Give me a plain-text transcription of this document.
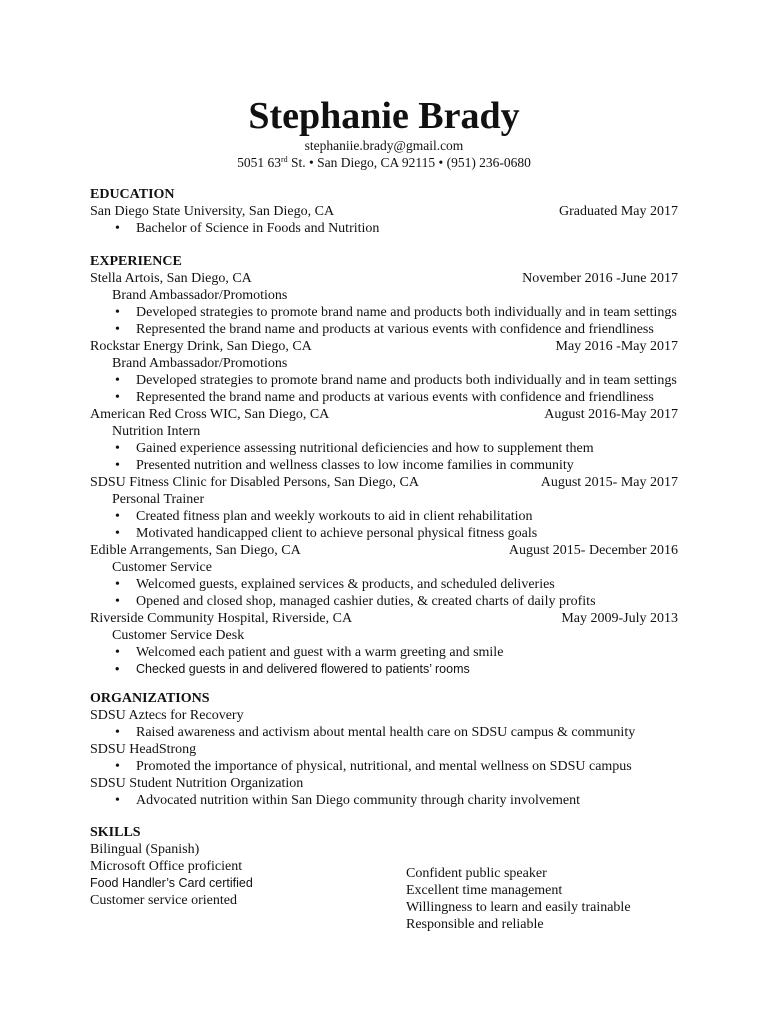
Stephanie Brady
stephaniie.brady@gmail.com
5051 63rd St. • San Diego, CA 92115 • (951) 236-0680
EDUCATION
San Diego State University, San Diego, CA	Graduated May 2017
• Bachelor of Science in Foods and Nutrition
EXPERIENCE
Stella Artois, San Diego, CA	November 2016 -June 2017
Brand Ambassador/Promotions
• Developed strategies to promote brand name and products both individually and in team settings
• Represented the brand name and products at various events with confidence and friendliness
Rockstar Energy Drink, San Diego, CA	May 2016 -May 2017
Brand Ambassador/Promotions
• Developed strategies to promote brand name and products both individually and in team settings
• Represented the brand name and products at various events with confidence and friendliness
American Red Cross WIC, San Diego, CA	August 2016-May 2017
Nutrition Intern
• Gained experience assessing nutritional deficiencies and how to supplement them
• Presented nutrition and wellness classes to low income families in community
SDSU Fitness Clinic for Disabled Persons, San Diego, CA	August 2015- May 2017
Personal Trainer
• Created fitness plan and weekly workouts to aid in client rehabilitation
• Motivated handicapped client to achieve personal physical fitness goals
Edible Arrangements, San Diego, CA	August 2015- December 2016
Customer Service
• Welcomed guests, explained services & products, and scheduled deliveries
• Opened and closed shop, managed cashier duties, & created charts of daily profits
Riverside Community Hospital, Riverside, CA	May 2009-July 2013
Customer Service Desk
• Welcomed each patient and guest with a warm greeting and smile
• Checked guests in and delivered flowered to patients’ rooms
ORGANIZATIONS
SDSU Aztecs for Recovery
• Raised awareness and activism about mental health care on SDSU campus & community
SDSU HeadStrong
• Promoted the importance of physical, nutritional, and mental wellness on SDSU campus
SDSU Student Nutrition Organization
• Advocated nutrition within San Diego community through charity involvement
SKILLS
Bilingual (Spanish)
Microsoft Office proficient
Food Handler’s Card certified
Customer service oriented
Confident public speaker
Excellent time management
Willingness to learn and easily trainable
Responsible and reliable
